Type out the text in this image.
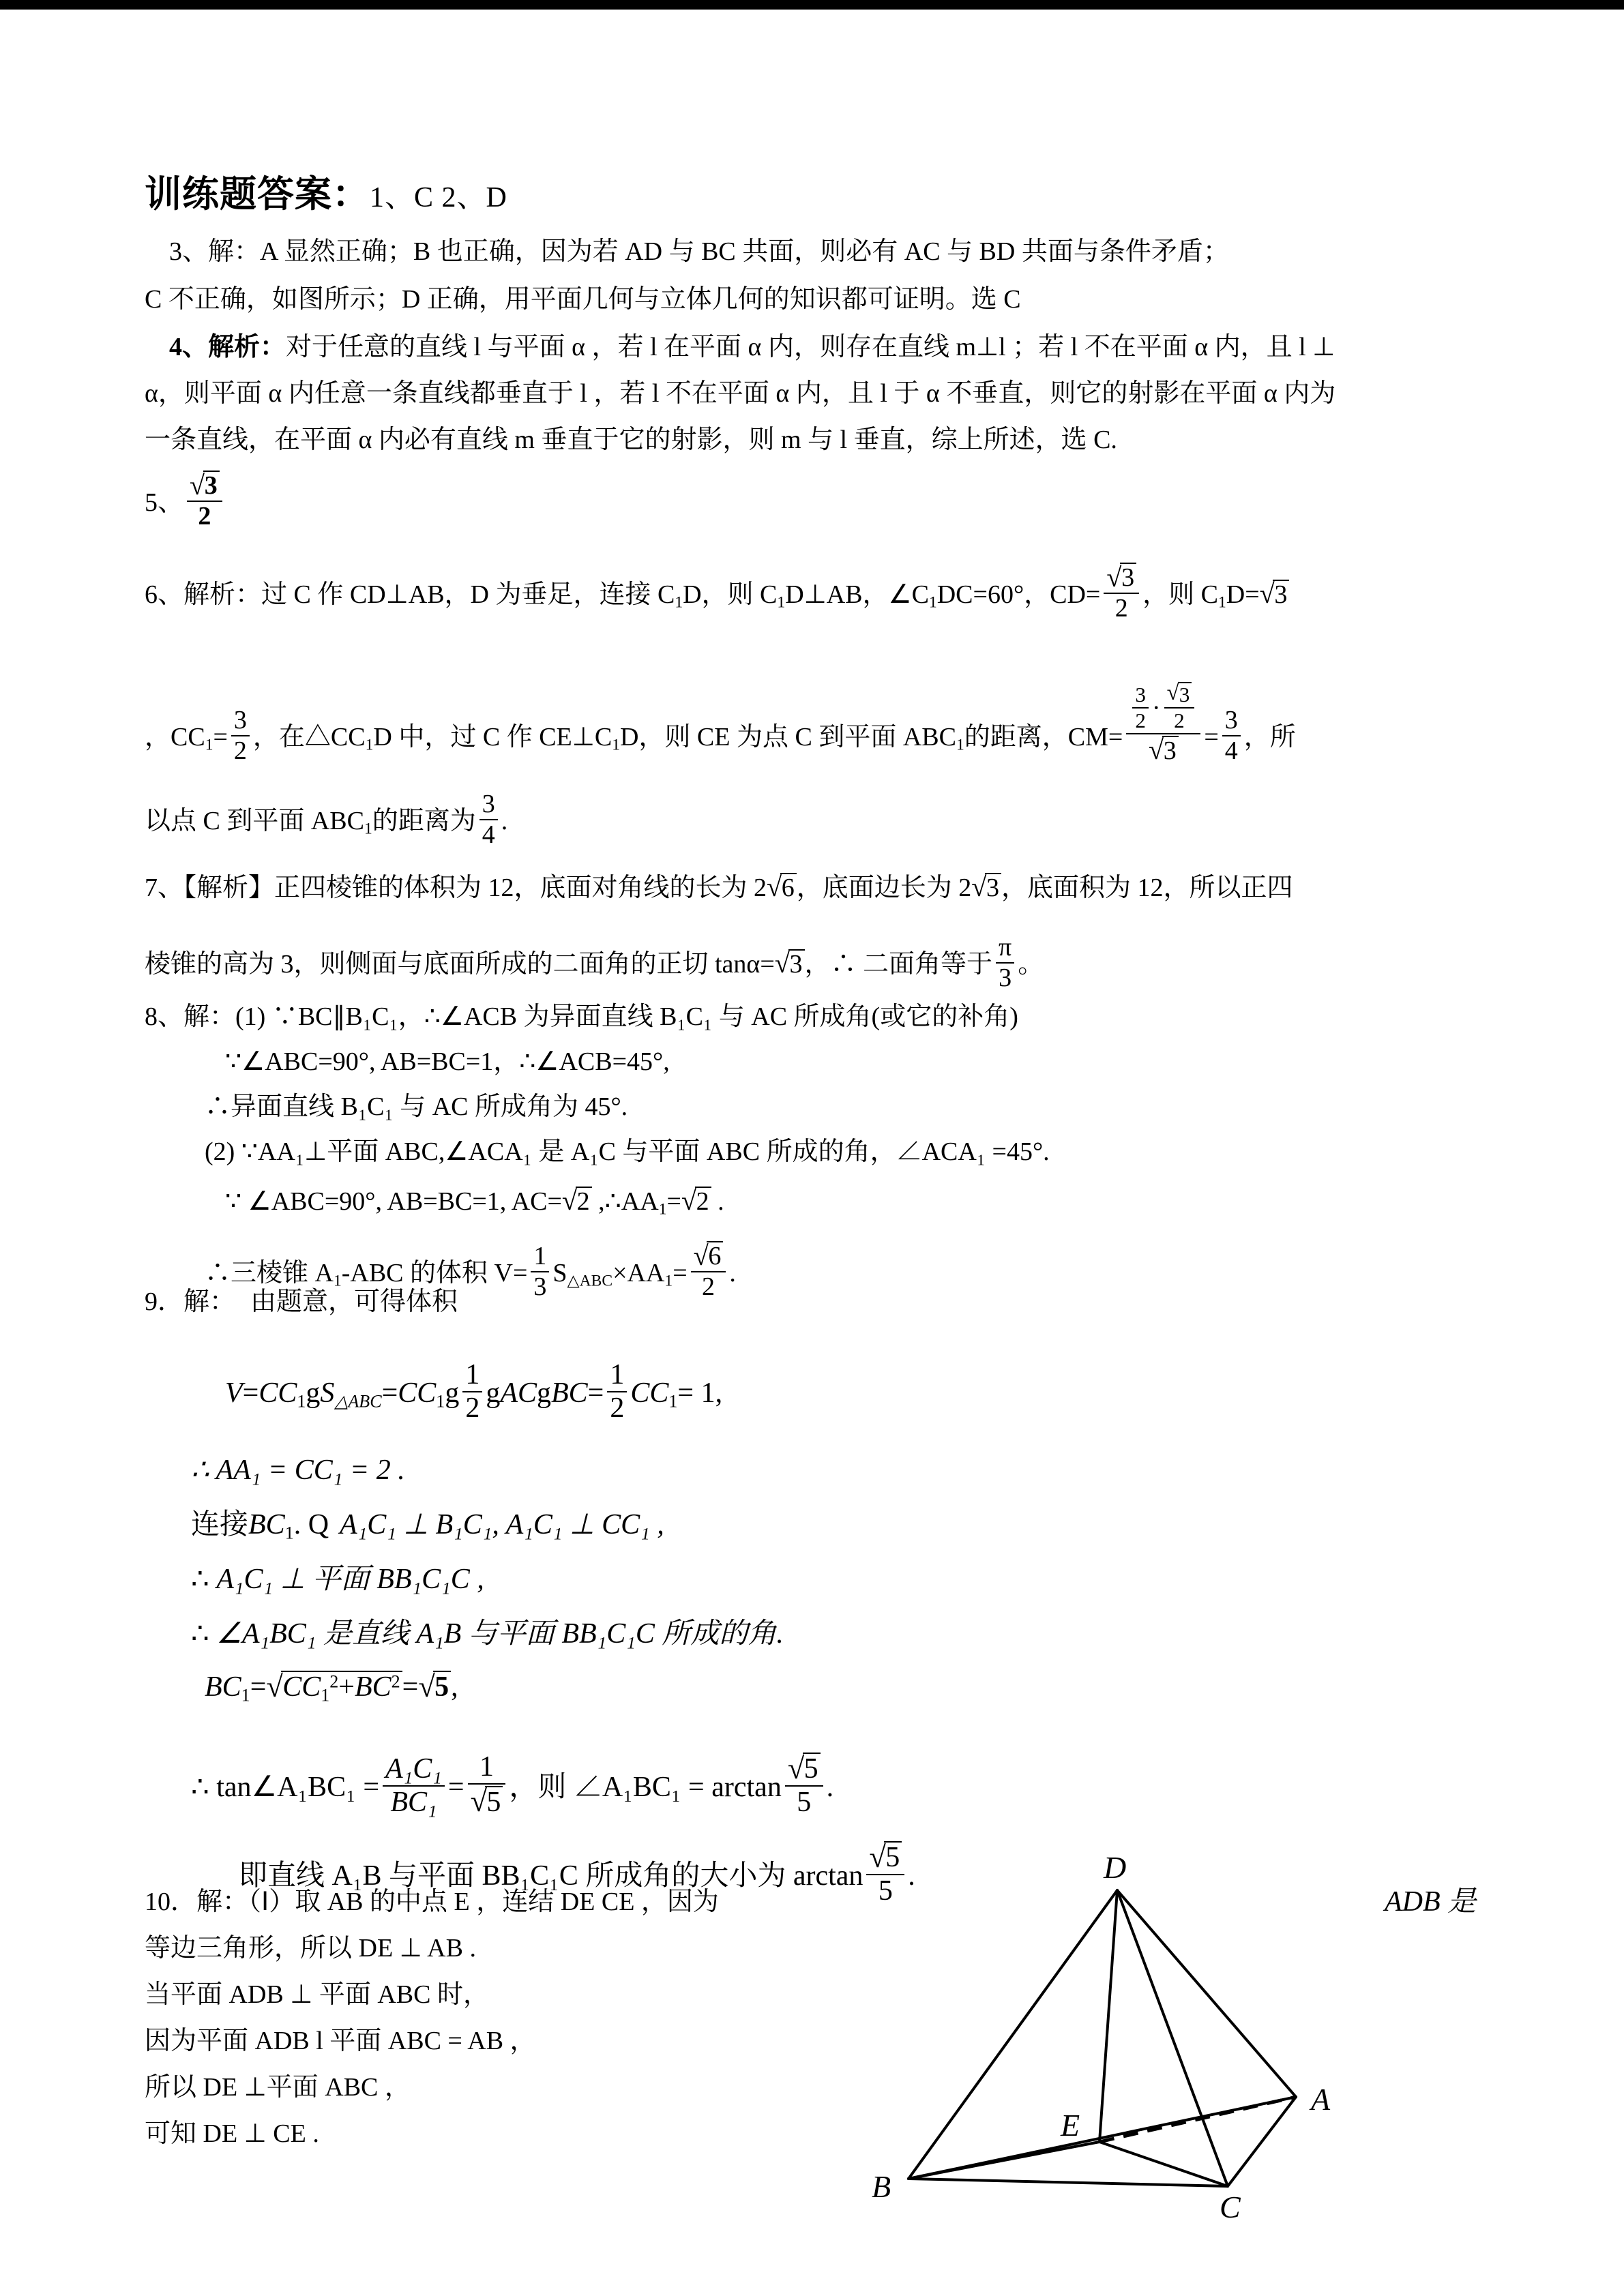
训练题答案：1、C 2、D
3、解：A 显然正确；B 也正确，因为若 AD 与 BC 共面，则必有 AC 与 BD 共面与条件矛盾；
C 不正确，如图所示；D 正确，用平面几何与立体几何的知识都可证明。选 C
4、解析：对于任意的直线 l 与平面 α ，若 l 在平面 α 内，则存在直线 m⊥l ；若 l 不在平面 α 内，且 l ⊥
α，则平面 α 内任意一条直线都垂直于 l ，若 l 不在平面 α 内，且 l 于 α 不垂直，则它的射影在平面 α 内为
一条直线，在平面 α 内必有直线 m 垂直于它的射影，则 m 与 l 垂直，综上所述，选 C.
5、 √ $\frac{3}{2}$
6、解析：过 C 作 CD⊥AB，D 为垂足，连接 $C_1D$，则 $C_1D\perp AB$，$\angle C_1DC=60^\circ$，CD= √ $\frac{3}{2}$ ，则 $C_1D=$ √ 3
，$CC_1= \frac{3}{2}$ ，在$\triangle CC_1D$ 中，过 C 作 $CE\perp C_1D$，则 CE 为点 C 到平面 $ABC_1$的距离，$CM= \frac{3}{2}$ · √ $\frac{3}{2}$
√ $3 = \frac{3}{4}$ ，所
以点 C 到平面 $ABC_1$的距离为 $\frac{3}{4}$ .
7、【解析】正四棱锥的体积为 12，底面对角线的长为 2 √ 6，底面边长为 2 √ 3，底面积为 12，所以正四
棱锥的高为 3，则侧面与底面所成的二面角的正切 tanα= √ 3，∴ 二面角等于 $\frac{\pi}{3}$ 。
8、解：(1) ∵BC∥B₁C₁，∴∠ACB 为异面直线 B₁C₁ 与 AC 所成角(或它的补角)
∵∠ABC=90°, AB=BC=1，∴∠ACB=45°,
∴异面直线 B₁C₁ 与 AC 所成角为 45°.
(2) ∵AA₁⊥平面 ABC,∠ACA₁ 是 A₁C 与平面 ABC 所成的角，∠ACA₁ =45°.
∵ ∠ABC=90°, AB=BC=1, AC= √ 2 $,\therefore AA_1=$ √ 2 .
∴三棱锥 $A_1$-ABC 的体积 $V= \frac{1}{3} S_{\triangle ABC}\times AA_1=$ √ $\frac{6}{2}$ .
9．解： 由题意，可得体积
$V=CC_1gS\triangle ABC=CC_1g \frac{1}{2}$ gACgBC= $\frac{1}{2} CC_1= 1$,
∴ AA₁ = CC₁ = 2 .
连接$BC_1$. Q A₁C₁ ⊥ B₁C₁, A₁C₁ ⊥ CC₁ ,
∴ A₁C₁ ⊥ 平面 BB₁C₁C ,
∴ ∠A₁BC₁ 是直线 A₁B 与平面 BB₁C₁C 所成的角.
$BC_1=$ √ $CC_1^2+BC^2=$ √ 5,
∴ tan∠A₁BC₁ = $\frac{\text{A₁C₁}}{\text{BC₁}} = 1$
√ 5 ，则 ∠A₁BC₁ = arctan √ $\frac{5}{5}$ .
即直线 A₁B 与平面 BB₁C₁C 所成角的大小为 arctan √ $\frac{5}{5}$ .
10．解：（Ⅰ）取 AB 的中点 E ，连结 DE CE ，因为
等边三角形，所以 DE ⊥ AB .
当平面 ADB ⊥ 平面 ABC 时，
因为平面 ADB l 平面 ABC = AB ，
所以 DE ⊥平面 ABC ，
可知 DE ⊥ CE .
ADB 是
D
A
B
C
E
